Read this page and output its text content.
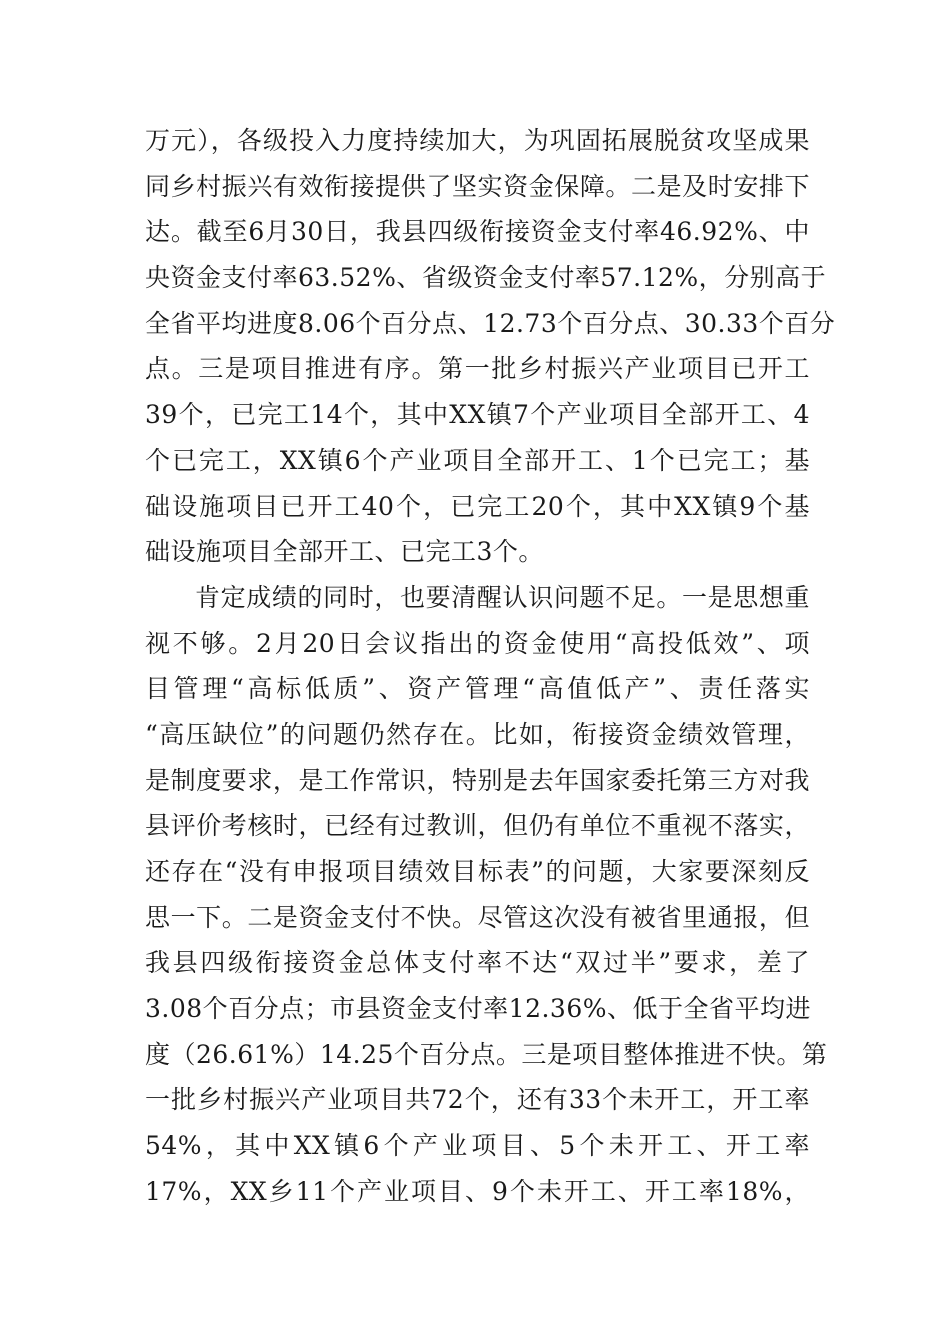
万元），各级投入力度持续加大，为巩固拓展脱贫攻坚成果
同乡村振兴有效衔接提供了坚实资金保障。二是及时安排下
达。截至6月30日，我县四级衔接资金支付率46.92%、中
央资金支付率63.52%、省级资金支付率57.12%，分别高于
全省平均进度8.06个百分点、12.73个百分点、30.33个百分
点。三是项目推进有序。第一批乡村振兴产业项目已开工
39个，已完工14个，其中XX镇7个产业项目全部开工、4
个已完工，XX镇6个产业项目全部开工、1个已完工；基
础设施项目已开工40个，已完工20个，其中XX镇9个基
础设施项目全部开工、已完工3个。
肯定成绩的同时，也要清醒认识问题不足。一是思想重
视不够。2月20日会议指出的资金使用“高投低效”、项
目管理“高标低质”、资产管理“高值低产”、责任落实
“高压缺位”的问题仍然存在。比如，衔接资金绩效管理，
是制度要求，是工作常识，特别是去年国家委托第三方对我
县评价考核时，已经有过教训，但仍有单位不重视不落实，
还存在“没有申报项目绩效目标表”的问题，大家要深刻反
思一下。二是资金支付不快。尽管这次没有被省里通报，但
我县四级衔接资金总体支付率不达“双过半”要求，差了
3.08个百分点；市县资金支付率12.36%、低于全省平均进
度（26.61%）14.25个百分点。三是项目整体推进不快。第
一批乡村振兴产业项目共72个，还有33个未开工，开工率
54%，其中XX镇6个产业项目、5个未开工、开工率
17%，XX乡11个产业项目、9个未开工、开工率18%，
